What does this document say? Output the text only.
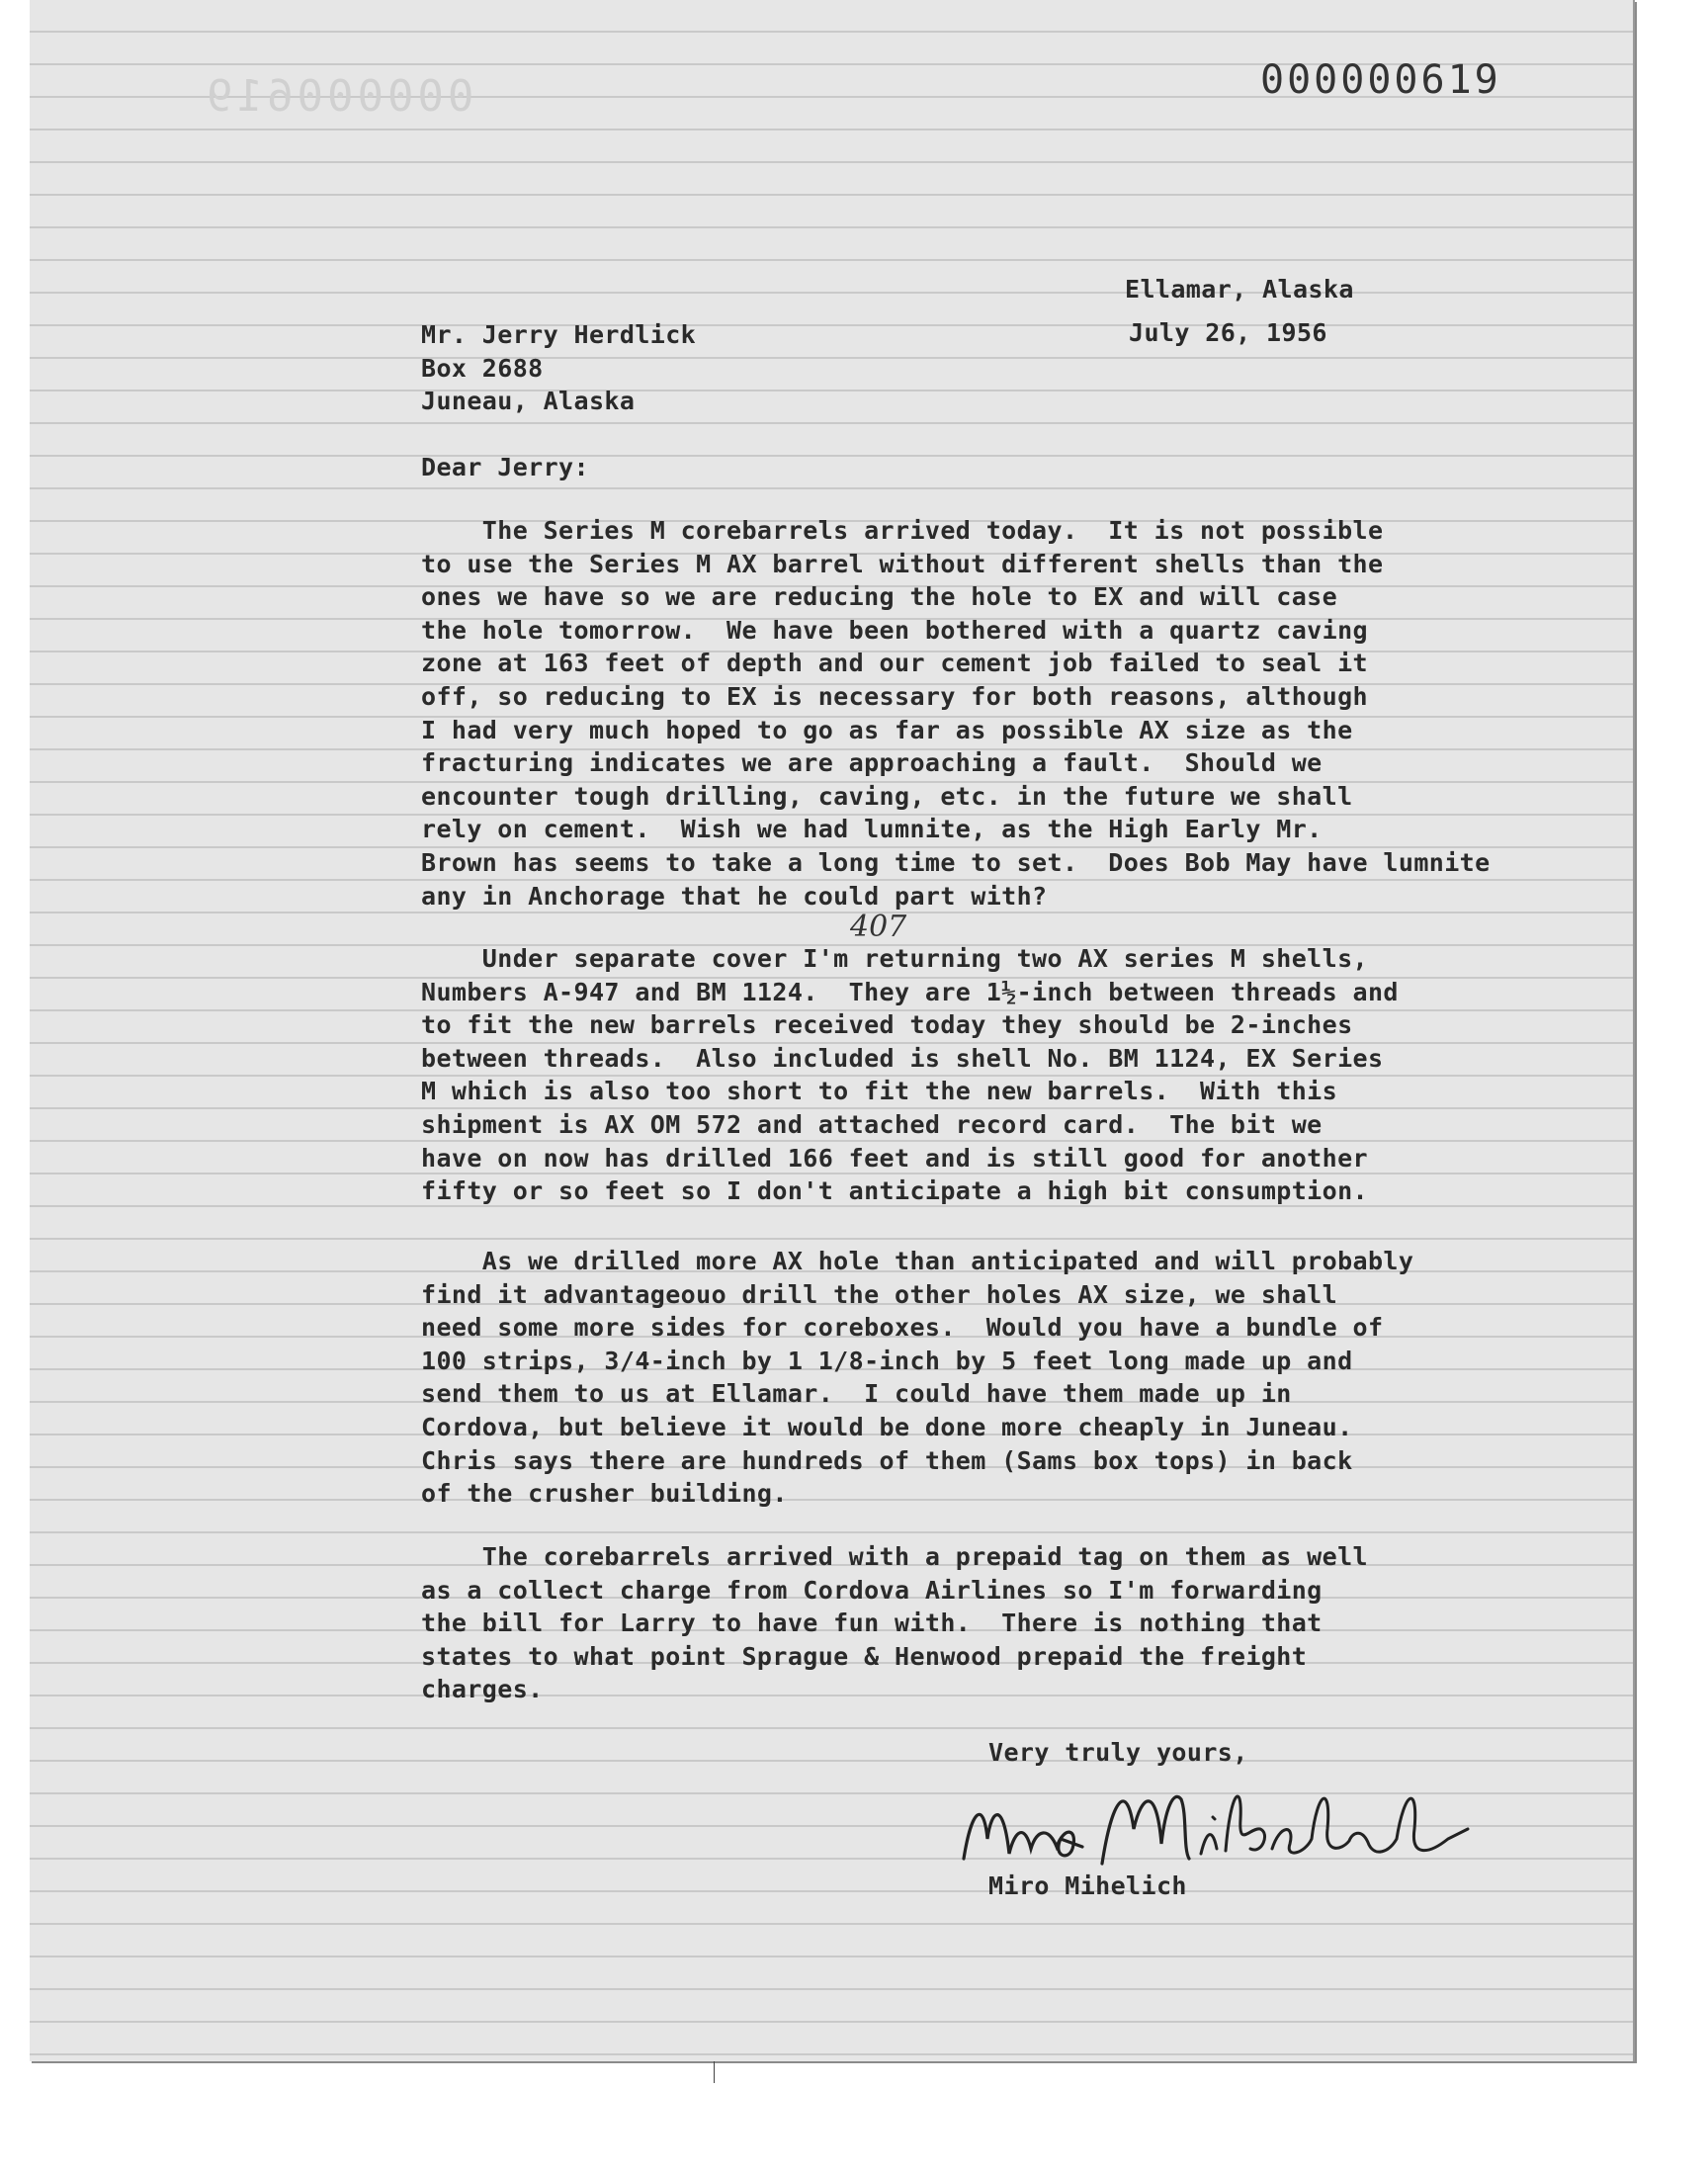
000000619	000000619
Ellamar, Alaska
July 26, 1956
Mr. Jerry Herdlick
Box 2688
Juneau, Alaska
Dear Jerry:
The Series M corebarrels arrived today.  It is not possible
to use the Series M AX barrel without different shells than the
ones we have so we are reducing the hole to EX and will case
the hole tomorrow.  We have been bothered with a quartz caving
zone at 163 feet of depth and our cement job failed to seal it
off, so reducing to EX is necessary for both reasons, although
I had very much hoped to go as far as possible AX size as the
fracturing indicates we are approaching a fault.  Should we
encounter tough drilling, caving, etc. in the future we shall
rely on cement.  Wish we had lumnite, as the High Early Mr.
Brown has seems to take a long time to set.  Does Bob May have lumnite
any in Anchorage that he could part with?
407
Under separate cover I'm returning two AX series M shells,
Numbers A-947 and BM 1124.  They are 1½-inch between threads and
to fit the new barrels received today they should be 2-inches
between threads.  Also included is shell No. BM 1124, EX Series
M which is also too short to fit the new barrels.  With this
shipment is AX OM 572 and attached record card.  The bit we
have on now has drilled 166 feet and is still good for another
fifty or so feet so I don't anticipate a high bit consumption.
As we drilled more AX hole than anticipated and will probably
find it advantageouo drill the other holes AX size, we shall
need some more sides for coreboxes.  Would you have a bundle of
100 strips, 3/4-inch by 1 1/8-inch by 5 feet long made up and
send them to us at Ellamar.  I could have them made up in
Cordova, but believe it would be done more cheaply in Juneau.
Chris says there are hundreds of them (Sams box tops) in back
of the crusher building.
The corebarrels arrived with a prepaid tag on them as well
as a collect charge from Cordova Airlines so I'm forwarding
the bill for Larry to have fun with.  There is nothing that
states to what point Sprague & Henwood prepaid the freight
charges.
Very truly yours,
Miro Mihelich
